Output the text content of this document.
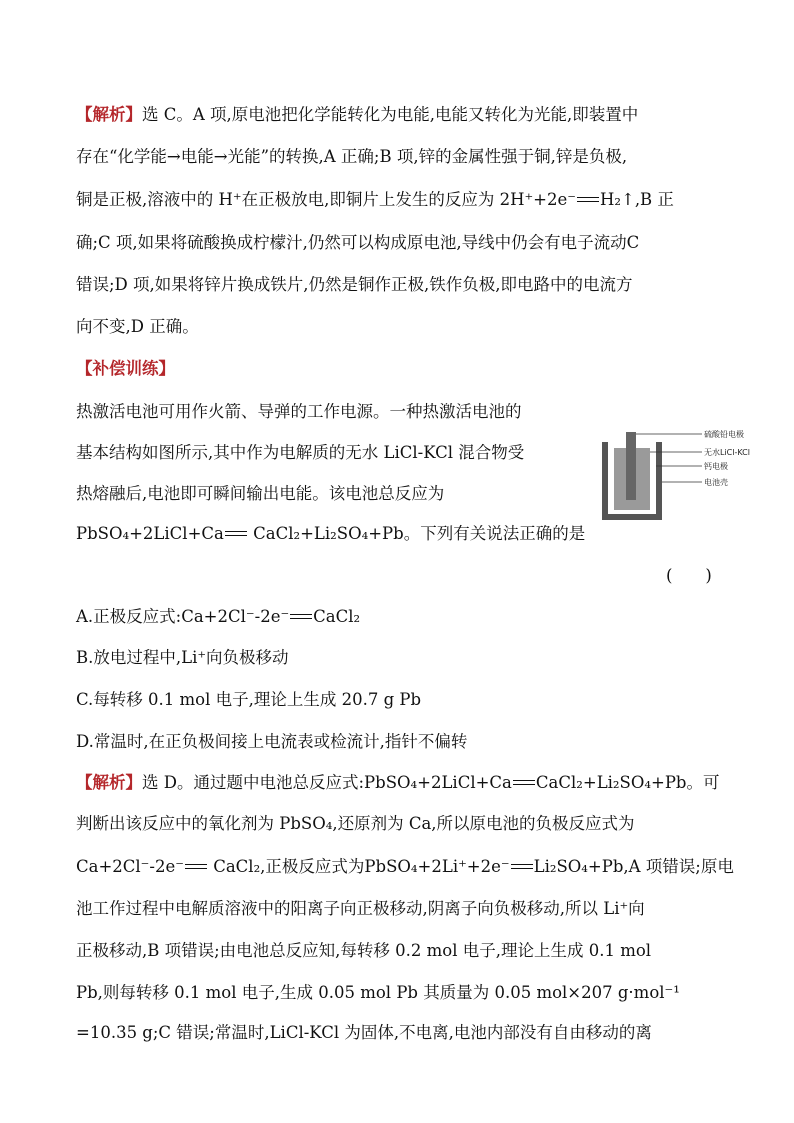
【解析】选 C。A 项,原电池把化学能转化为电能,电能又转化为光能,即装置中
存在“化学能→电能→光能”的转换,A 正确;B 项,锌的金属性强于铜,锌是负极,
铜是正极,溶液中的 H⁺在正极放电,即铜片上发生的反应为 2H⁺+2e⁻ H₂↑,B 正
确;C 项,如果将硫酸换成柠檬汁,仍然可以构成原电池,导线中仍会有电子流动C
错误;D 项,如果将锌片换成铁片,仍然是铜作正极,铁作负极,即电路中的电流方
向不变,D 正确。
【补偿训练】
热激活电池可用作火箭、导弹的工作电源。一种热激活电池的
基本结构如图所示,其中作为电解质的无水 LiCl-KCl 混合物受
热熔融后,电池即可瞬间输出电能。该电池总反应为
PbSO₄+2LiCl+Ca CaCl₂+Li₂SO₄+Pb。下列有关说法正确的是
(　　)
硫酸铅电极
无水LiCl-KCl
钙电极
电池壳
A.正极反应式:Ca+2Cl⁻-2e⁻ CaCl₂
B.放电过程中,Li⁺向负极移动
C.每转移 0.1 mol 电子,理论上生成 20.7 g Pb
D.常温时,在正负极间接上电流表或检流计,指针不偏转
【解析】选 D。通过题中电池总反应式:PbSO₄+2LiCl+Ca CaCl₂+Li₂SO₄+Pb。可
判断出该反应中的氧化剂为 PbSO₄,还原剂为 Ca,所以原电池的负极反应式为
Ca+2Cl⁻-2e⁻ CaCl₂,正极反应式为PbSO₄+2Li⁺+2e⁻ Li₂SO₄+Pb,A 项错误;原电
池工作过程中电解质溶液中的阳离子向正极移动,阴离子向负极移动,所以 Li⁺向
正极移动,B 项错误;由电池总反应知,每转移 0.2 mol 电子,理论上生成 0.1 mol
Pb,则每转移 0.1 mol 电子,生成 0.05 mol Pb 其质量为 0.05 mol×207 g·mol⁻¹
=10.35 g;C 错误;常温时,LiCl-KCl 为固体,不电离,电池内部没有自由移动的离
